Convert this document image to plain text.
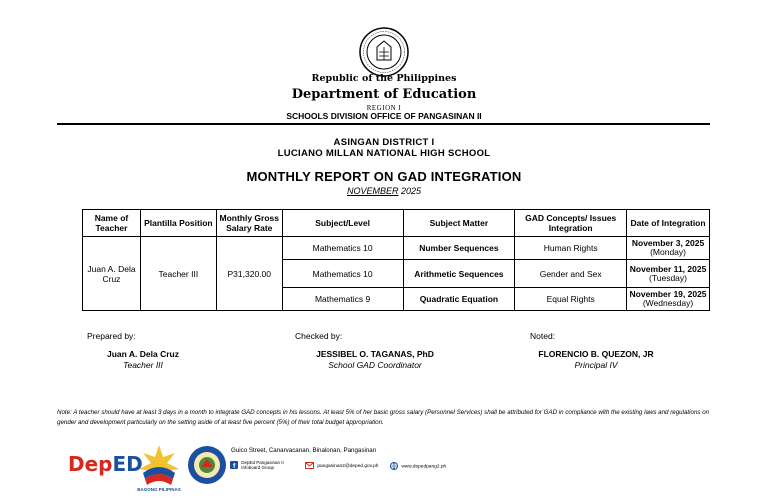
Republic of the Philippines
Department of Education
REGION I
SCHOOLS DIVISION OFFICE OF PANGASINAN II
ASINGAN DISTRICT I
LUCIANO MILLAN NATIONAL HIGH SCHOOL
MONTHLY REPORT ON GAD INTEGRATION
NOVEMBER 2025
Name of Teacher	Plantilla Position	Monthly Gross Salary Rate	Subject/Level	Subject Matter	GAD Concepts/ Issues Integration	Date of Integration
Juan A. Dela Cruz	Teacher III	P31,320.00	Mathematics 10	Number Sequences	Human Rights	November 3, 2025
(Monday)

			Mathematics 10	Arithmetic Sequences	Gender and Sex	November 11, 2025
(Tuesday)

			Mathematics 9	Quadratic Equation	Equal Rights	November 19, 2025
(Wednesday)
Prepared by:
Juan A. Dela Cruz
Teacher III
Checked by:
JESSIBEL O. TAGANAS, PhD
School GAD Coordinator
Noted:
FLORENCIO B. QUEZON, JR
Principal IV
Note: A teacher should have at least 3 days in a month to integrate GAD concepts in his lessons. At least 5% of her basic gross salary (Personnel Services) shall be attributed for GAD in compliance with the existing laws and regulations on gender and development particularly on the setting aside of at least five percent (5%) of their total budget appropriation.
DepED
BAGONG PILIPINAS
Guico Street, Canarvacanan, Binalonan, Pangasinan
DepEd Pangasinan II Infoboard Group	pangasinan2@deped.gov.ph	www.depedpang2.ph
